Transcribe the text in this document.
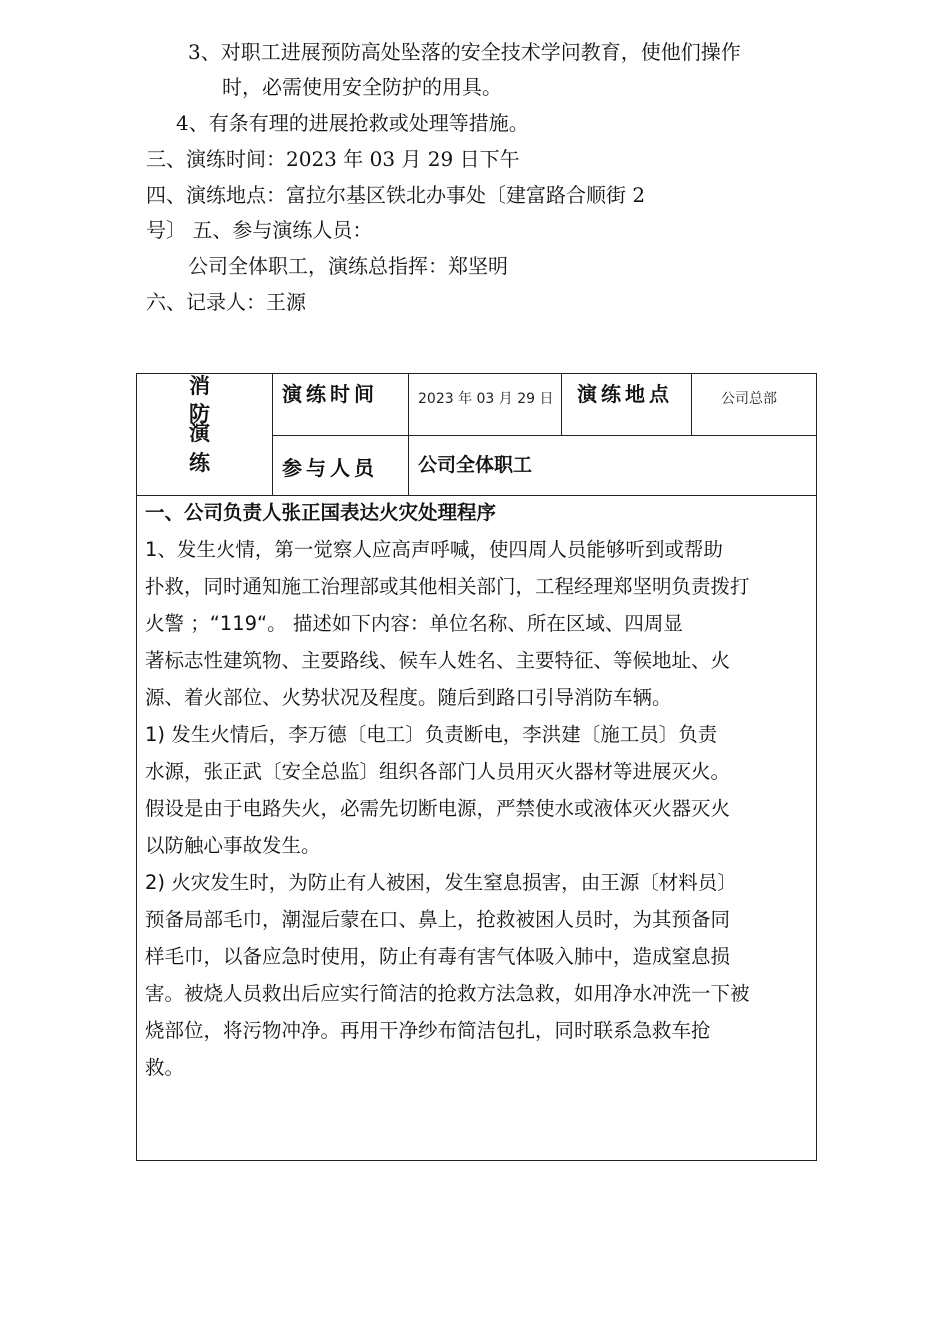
3、对职工进展预防高处坠落的安全技术学问教育，使他们操作
时，必需使用安全防护的用具。
4、有条有理的进展抢救或处理等措施。
三、演练时间：2023 年 03 月 29 日下午
四、演练地点：富拉尔基区铁北办事处〔建富路合顺街 2
号〕 五、参与演练人员：
公司全体职工，演练总指挥：郑坚明
六、记录人：王源
消
防
演
练
演练时间	2023 年 03 月 29 日 演练地点	公司总部
参与人员 公司全体职工
一、公司负责人张正国表达火灾处理程序
1、发生火情，第一觉察人应高声呼喊，使四周人员能够听到或帮助
扑救，同时通知施工治理部或其他相关部门，工程经理郑坚明负责拨打
火警 ；“119“。 描述如下内容：单位名称、所在区域、四周显
著标志性建筑物、主要路线、候车人姓名、主要特征、等候地址、火
源、着火部位、火势状况及程度。随后到路口引导消防车辆。
1) 发生火情后，李万德〔电工〕负责断电，李洪建〔施工员〕负责
水源，张正武〔安全总监〕组织各部门人员用灭火器材等进展灭火。
假设是由于电路失火，必需先切断电源，严禁使水或液体灭火器灭火
以防触心事故发生。
2) 火灾发生时，为防止有人被困，发生窒息损害，由王源〔材料员〕
预备局部毛巾，潮湿后蒙在口、鼻上，抢救被困人员时，为其预备同
样毛巾，以备应急时使用，防止有毒有害气体吸入肺中，造成窒息损
害。被烧人员救出后应实行简洁的抢救方法急救，如用净水冲洗一下被
烧部位，将污物冲净。再用干净纱布简洁包扎，同时联系急救车抢
救。
